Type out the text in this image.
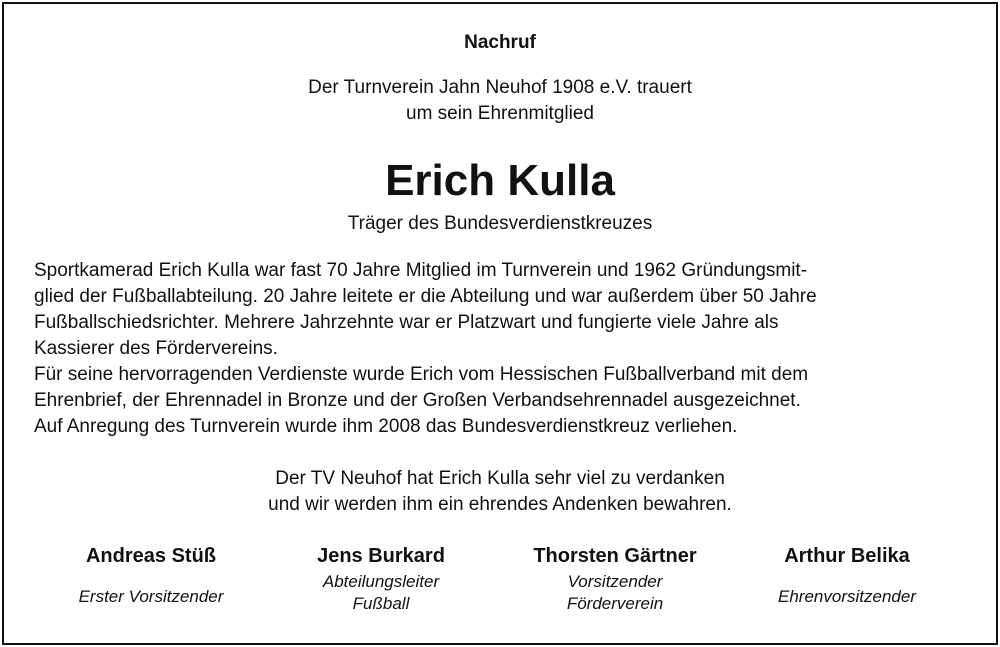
Nachruf
Der Turnverein Jahn Neuhof 1908 e.V. trauert
um sein Ehrenmitglied
Erich Kulla
Träger des Bundesverdienstkreuzes
Sportkamerad Erich Kulla war fast 70 Jahre Mitglied im Turnverein und 1962 Gründungsmit-
glied der Fußballabteilung. 20 Jahre leitete er die Abteilung und war außerdem über 50 Jahre
Fußballschiedsrichter. Mehrere Jahrzehnte war er Platzwart und fungierte viele Jahre als
Kassierer des Fördervereins.
Für seine hervorragenden Verdienste wurde Erich vom Hessischen Fußballverband mit dem
Ehrenbrief, der Ehrennadel in Bronze und der Großen Verbandsehrennadel ausgezeichnet.
Auf Anregung des Turnverein wurde ihm 2008 das Bundesverdienstkreuz verliehen.
Der TV Neuhof hat Erich Kulla sehr viel zu verdanken
und wir werden ihm ein ehrendes Andenken bewahren.
Andreas Stüß
Erster Vorsitzender
Jens Burkard
Abteilungsleiter
Fußball
Thorsten Gärtner
Vorsitzender
Förderverein
Arthur Belika
Ehrenvorsitzender
